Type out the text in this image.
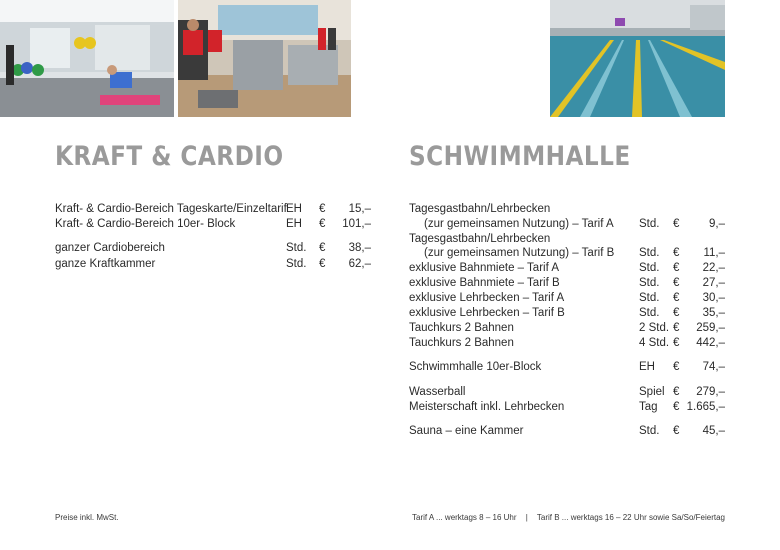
KRAFT & CARDIO	SCHWIMMHALLE
Kraft- & Cardio-Bereich Tageskarte/Einzeltarif EH € 15,–
Kraft- & Cardio-Bereich 10er- Block	EH € 101,–
ganzer Cardiobereich	Std. € 38,–
ganze Kraftkammer	Std. € 62,–
Tagesgastbahn/Lehrbecken
(zur gemeinsamen Nutzung) – Tarif A Std. €	9,–
Tagesgastbahn/Lehrbecken
(zur gemeinsamen Nutzung) – Tarif B Std. € 11,–
exklusive Bahnmiete – Tarif A	Std. € 22,–
exklusive Bahnmiete – Tarif B	Std. € 27,–
exklusive Lehrbecken – Tarif A	Std. € 30,–
exklusive Lehrbecken – Tarif B	Std. € 35,–
Tauchkurs 2 Bahnen	2 Std. € 259,–
Tauchkurs 2 Bahnen	4 Std. € 442,–
Schwimmhalle 10er-Block	EH € 74,–
Wasserball	Spiel € 279,–
Meisterschaft inkl. Lehrbecken	Tag € 1.665,–
Sauna – eine Kammer	Std. € 45,–
Preise inkl. MwSt.	Tarif A ... werktags 8 – 16 Uhr | Tarif B ... werktags 16 – 22 Uhr sowie Sa/So/Feiertag
